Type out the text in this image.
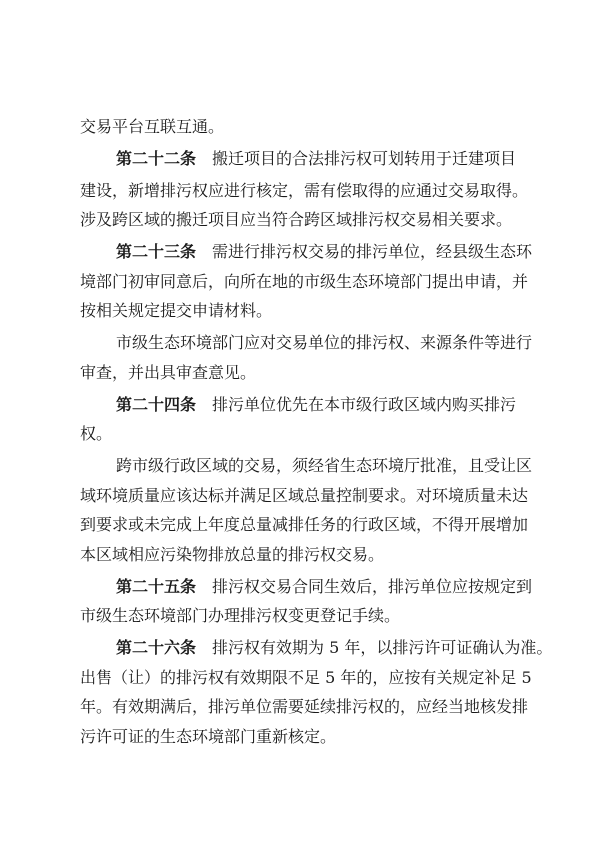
交易平台互联互通。
第二十二条 搬迁项目的合法排污权可划转用于迁建项目
建设，新增排污权应进行核定，需有偿取得的应通过交易取得。
涉及跨区域的搬迁项目应当符合跨区域排污权交易相关要求。
第二十三条 需进行排污权交易的排污单位，经县级生态环
境部门初审同意后，向所在地的市级生态环境部门提出申请，并
按相关规定提交申请材料。
市级生态环境部门应对交易单位的排污权、来源条件等进行
审查，并出具审查意见。
第二十四条 排污单位优先在本市级行政区域内购买排污
权。
跨市级行政区域的交易，须经省生态环境厅批准，且受让区
域环境质量应该达标并满足区域总量控制要求。对环境质量未达
到要求或未完成上年度总量减排任务的行政区域，不得开展增加
本区域相应污染物排放总量的排污权交易。
第二十五条 排污权交易合同生效后，排污单位应按规定到
市级生态环境部门办理排污权变更登记手续。
第二十六条 排污权有效期为 5 年，以排污许可证确认为准。
出售（让）的排污权有效期限不足 5 年的，应按有关规定补足 5
年。有效期满后，排污单位需要延续排污权的，应经当地核发排
污许可证的生态环境部门重新核定。
